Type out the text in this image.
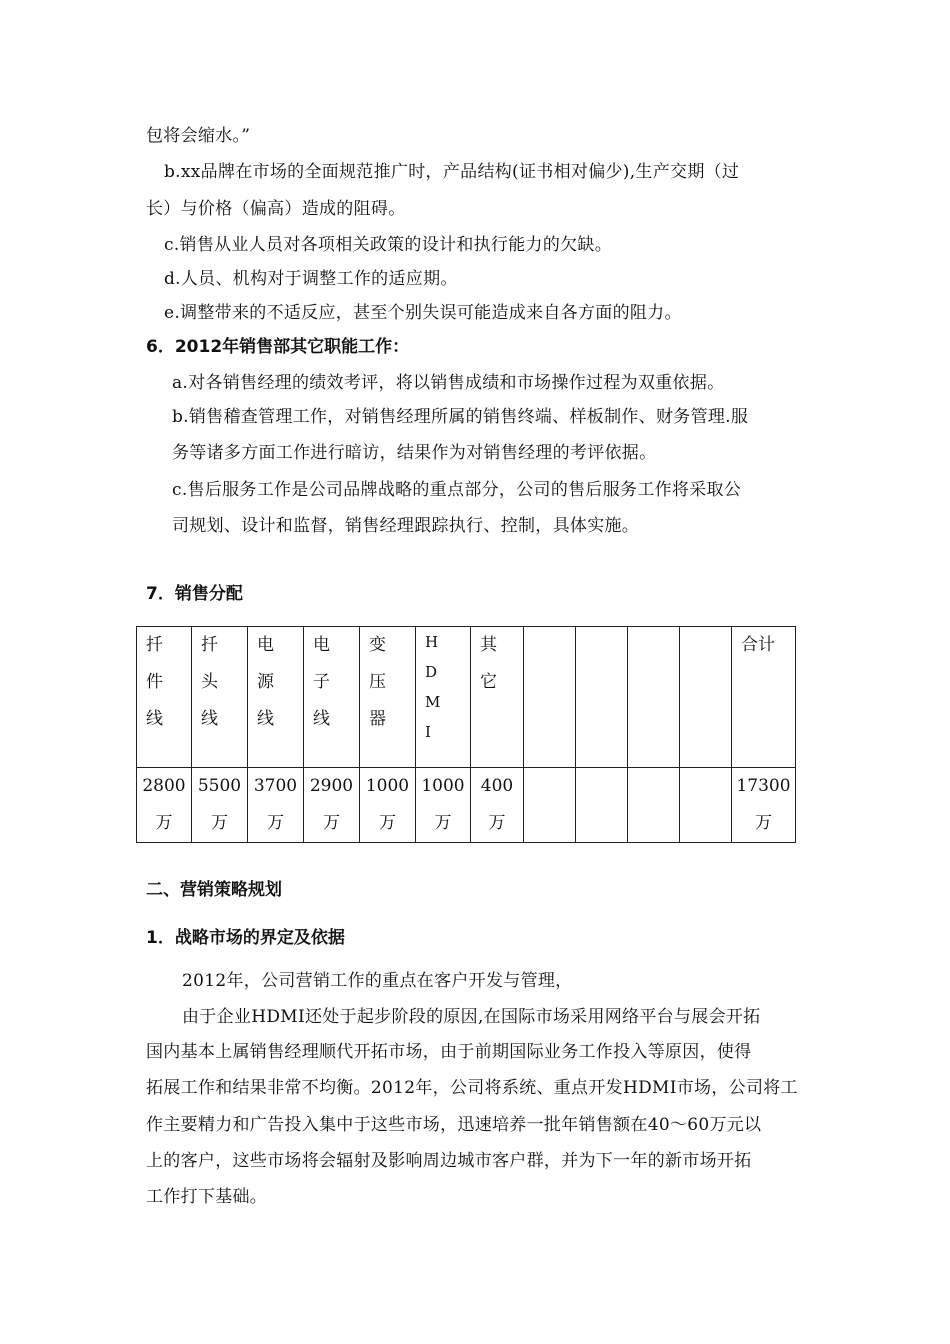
包将会缩水。”
b.xx品牌在市场的全面规范推广时，产品结构(证书相对偏少),生产交期（过
长）与价格（偏高）造成的阻碍。
c.销售从业人员对各项相关政策的设计和执行能力的欠缺。
d.人员、机构对于调整工作的适应期。
e.调整带来的不适反应，甚至个别失误可能造成来自各方面的阻力。
6．2012年销售部其它职能工作：
a.对各销售经理的绩效考评，将以销售成绩和市场操作过程为双重依据。
b.销售稽查管理工作，对销售经理所属的销售终端、样板制作、财务管理.服
务等诸多方面工作进行暗访，结果作为对销售经理的考评依据。
c.售后服务工作是公司品牌战略的重点部分，公司的售后服务工作将采取公
司规划、设计和监督，销售经理跟踪执行、控制，具体实施。
7．销售分配
扦
件
线	扦
头
线	电
源
线	电
子
线	变
压
器	H
D
M
I	其
它					合计

2800
万	5500
万	3700
万	2900
万	1000
万	1000
万	400
万					17300
万
二、营销策略规划
1．战略市场的界定及依据
2012年，公司营销工作的重点在客户开发与管理，
由于企业HDMI还处于起步阶段的原因,在国际市场采用网络平台与展会开拓
国内基本上属销售经理顺代开拓市场，由于前期国际业务工作投入等原因，使得
拓展工作和结果非常不均衡。2012年，公司将系统、重点开发HDMI市场，公司将工
作主要精力和广告投入集中于这些市场，迅速培养一批年销售额在40～60万元以
上的客户，这些市场将会辐射及影响周边城市客户群，并为下一年的新市场开拓
工作打下基础。
